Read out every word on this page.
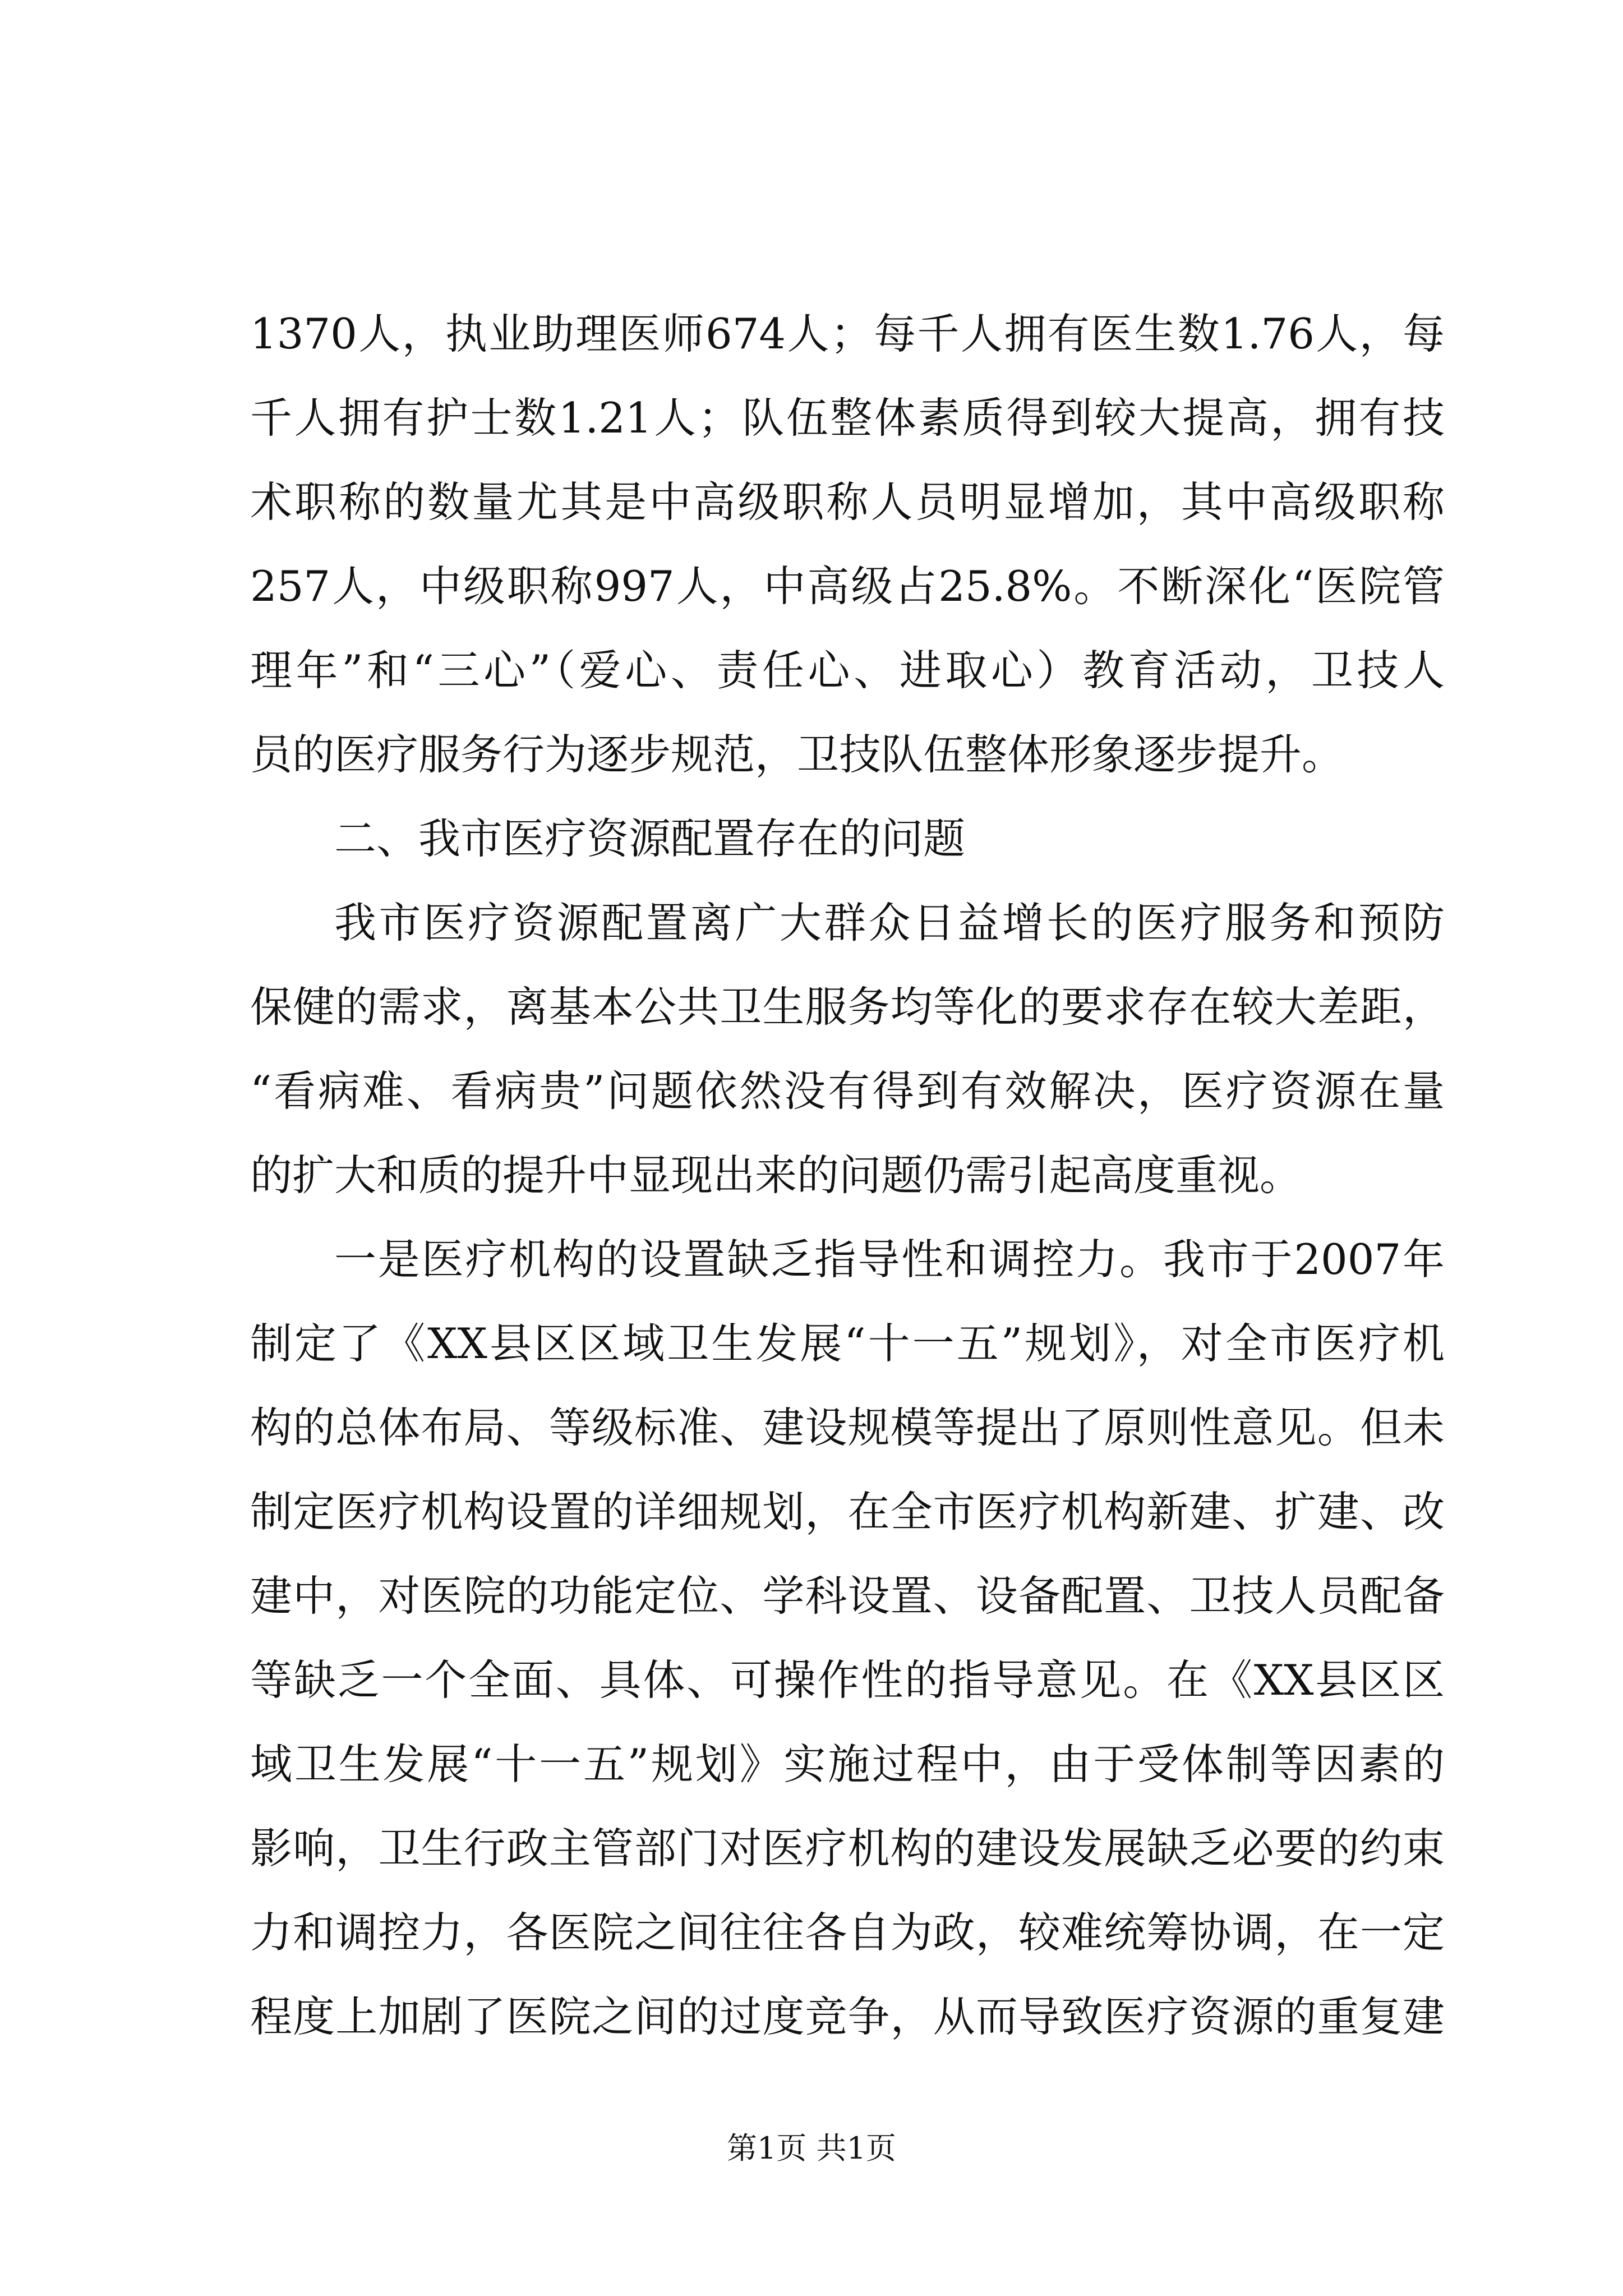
1370人，执业助理医师674人；每千人拥有医生数1.76人，每
千人拥有护士数1.21人；队伍整体素质得到较大提高，拥有技
术职称的数量尤其是中高级职称人员明显增加，其中高级职称
257人，中级职称997人，中高级占25.8%。不断深化“医院管
理年”和“三心”（爱心、责任心、进取心）教育活动，卫技人
员的医疗服务行为逐步规范，卫技队伍整体形象逐步提升。
二、我市医疗资源配置存在的问题
我市医疗资源配置离广大群众日益增长的医疗服务和预防
保健的需求，离基本公共卫生服务均等化的要求存在较大差距，
“看病难、看病贵”问题依然没有得到有效解决，医疗资源在量
的扩大和质的提升中显现出来的问题仍需引起高度重视。
一是医疗机构的设置缺乏指导性和调控力。我市于2007年
制定了《XX县区区域卫生发展“十一五”规划》，对全市医疗机
构的总体布局、等级标准、建设规模等提出了原则性意见。但未
制定医疗机构设置的详细规划，在全市医疗机构新建、扩建、改
建中，对医院的功能定位、学科设置、设备配置、卫技人员配备
等缺乏一个全面、具体、可操作性的指导意见。在《XX县区区
域卫生发展“十一五”规划》实施过程中，由于受体制等因素的
影响，卫生行政主管部门对医疗机构的建设发展缺乏必要的约束
力和调控力，各医院之间往往各自为政，较难统筹协调，在一定
程度上加剧了医院之间的过度竞争，从而导致医疗资源的重复建
第1页 共1页
